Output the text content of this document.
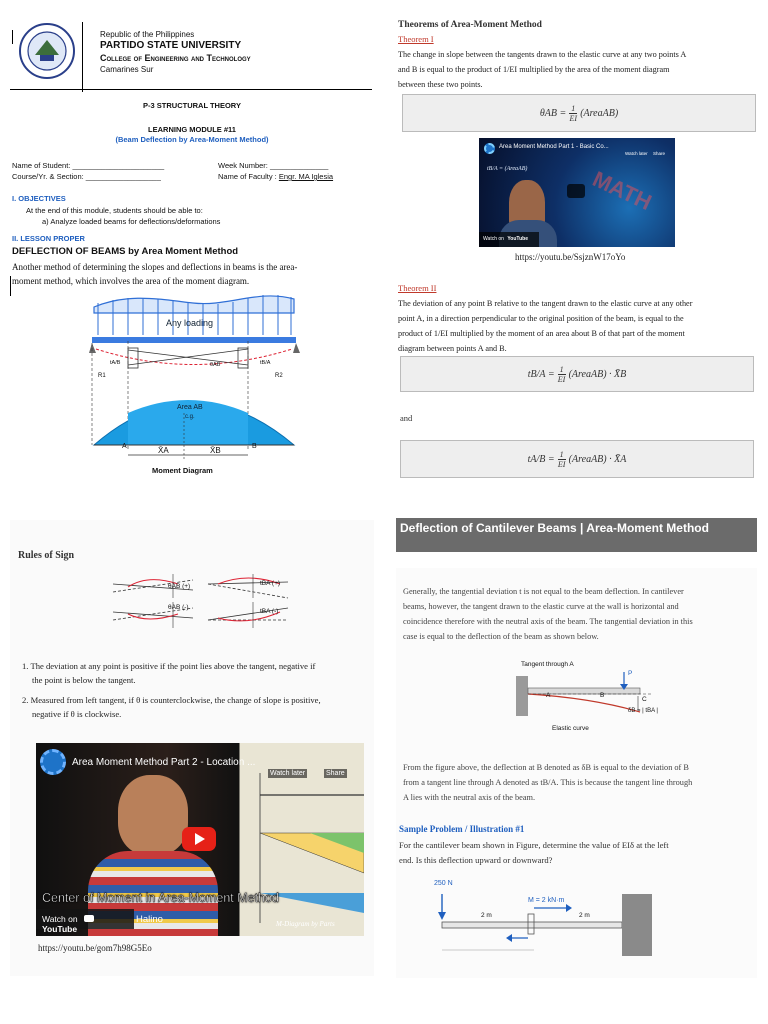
Republic of the Philippines
PARTIDO STATE UNIVERSITY
College of Engineering and Technology
Camarines Sur
P-3 STRUCTURAL THEORY
LEARNING MODULE #11
(Beam Deflection by Area-Moment Method)
Name of Student: ______________________
Course/Yr. & Section: __________________
Week Number: ______________
Name of Faculty : Engr. MA Iglesia
I. OBJECTIVES
At the end of this module, students should be able to:
a) Analyze loaded beams for deflections/deformations
II. LESSON PROPER
DEFLECTION OF BEAMS by Area Moment Method
Another method of determining the slopes and deflections in beams is the area-
moment method, which involves the area of the moment diagram.
Any loading
Area AB
c.g.
R1	R2
tA/B	tB/A
θAB
A	B
X̄A	X̄B
Moment Diagram
Rules of Sign
θAB (+)
θAB (-)
tBA (+)
tBA (-)
1. The deviation at any point is positive if the point lies above the tangent, negative if
the point is below the tangent.
2. Measured from left tangent, if θ is counterclockwise, the change of slope is positive,
negative if θ is clockwise.
Area Moment Method Part 2 - Location ...
Watch later	Share
Center of Moment in Area-Moment Method
Watch on  YouTube
Halino	M-Diagram by Parts
https://youtu.be/gom7h98G5Eo
Theorems of Area-Moment Method
Theorem I
The change in slope between the tangents drawn to the elastic curve at any two points A
and B is equal to the product of 1/EI multiplied by the area of the moment diagram
between these two points.
$\theta AB = \frac{1}{EI}$ (AreaAB)
Area Moment Method Part 1 - Basic Co...
Watch later Share
MATH
tB/A = (AreaAB)
Watch on YouTube
https://youtu.be/SsjznW17oYo
Theorem II
The deviation of any point B relative to the tangent drawn to the elastic curve at any other
point A, in a direction perpendicular to the original position of the beam, is equal to the
product of 1/EI multiplied by the moment of an area about B of that part of the moment
diagram between points A and B.
$tB/A = \frac{1}{EI}$ (AreaAB) · X̄B
and
$tA/B = \frac{1}{EI}$ (AreaAB) · X̄A
Deflection of Cantilever Beams | Area-Moment Method
Generally, the tangential deviation t is not equal to the beam deflection. In cantilever
beams, however, the tangent drawn to the elastic curve at the wall is horizontal and
coincidence therefore with the neutral axis of the beam. The tangential deviation in this
case is equal to the deflection of the beam as shown below.
Tangent through A
P
A	B
C
δB = | tBA |
Elastic curve
From the figure above, the deflection at B denoted as δB is equal to the deviation of B
from a tangent line through A denoted as tB/A. This is because the tangent line through
A lies with the neutral axis of the beam.
Sample Problem / Illustration #1
For the cantilever beam shown in Figure, determine the value of EIδ at the left
end. Is this deflection upward or downward?
250 N
M = 2 kN·m
2 m	2 m
